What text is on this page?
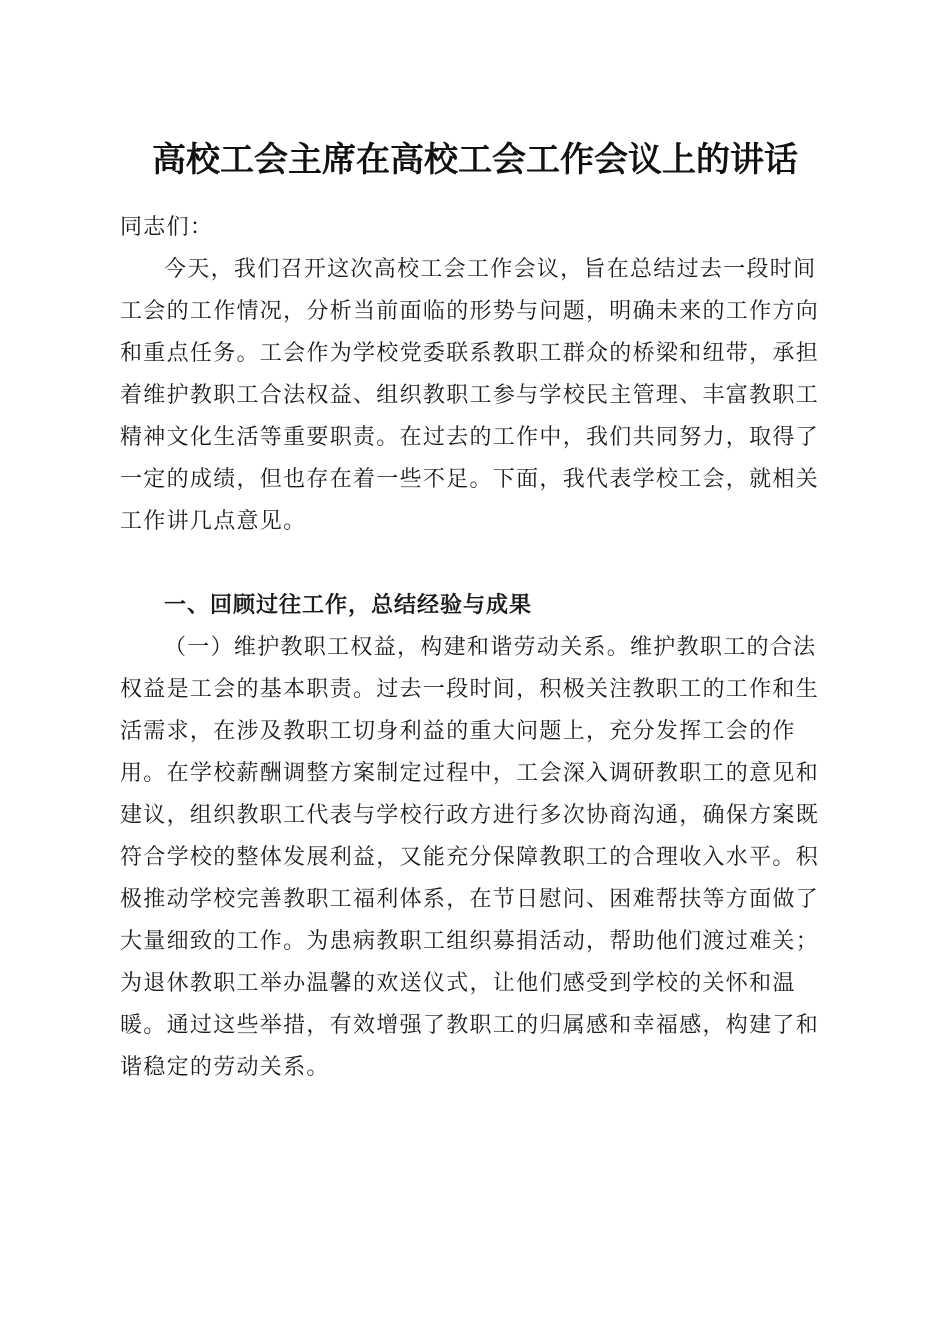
高校工会主席在高校工会工作会议上的讲话
同志们：
今天，我们召开这次高校工会工作会议，旨在总结过去一段时间工会的工作情况，分析当前面临的形势与问题，明确未来的工作方向和重点任务。工会作为学校党委联系教职工群众的桥梁和纽带，承担着维护教职工合法权益、组织教职工参与学校民主管理、丰富教职工精神文化生活等重要职责。在过去的工作中，我们共同努力，取得了一定的成绩，但也存在着一些不足。下面，我代表学校工会，就相关工作讲几点意见。
一、回顾过往工作，总结经验与成果
（一）维护教职工权益，构建和谐劳动关系。维护教职工的合法权益是工会的基本职责。过去一段时间，积极关注教职工的工作和生活需求，在涉及教职工切身利益的重大问题上，充分发挥工会的作用。在学校薪酬调整方案制定过程中，工会深入调研教职工的意见和建议，组织教职工代表与学校行政方进行多次协商沟通，确保方案既符合学校的整体发展利益，又能充分保障教职工的合理收入水平。积极推动学校完善教职工福利体系，在节日慰问、困难帮扶等方面做了大量细致的工作。为患病教职工组织募捐活动，帮助他们渡过难关；为退休教职工举办温馨的欢送仪式，让他们感受到学校的关怀和温暖。通过这些举措，有效增强了教职工的归属感和幸福感，构建了和谐稳定的劳动关系。
